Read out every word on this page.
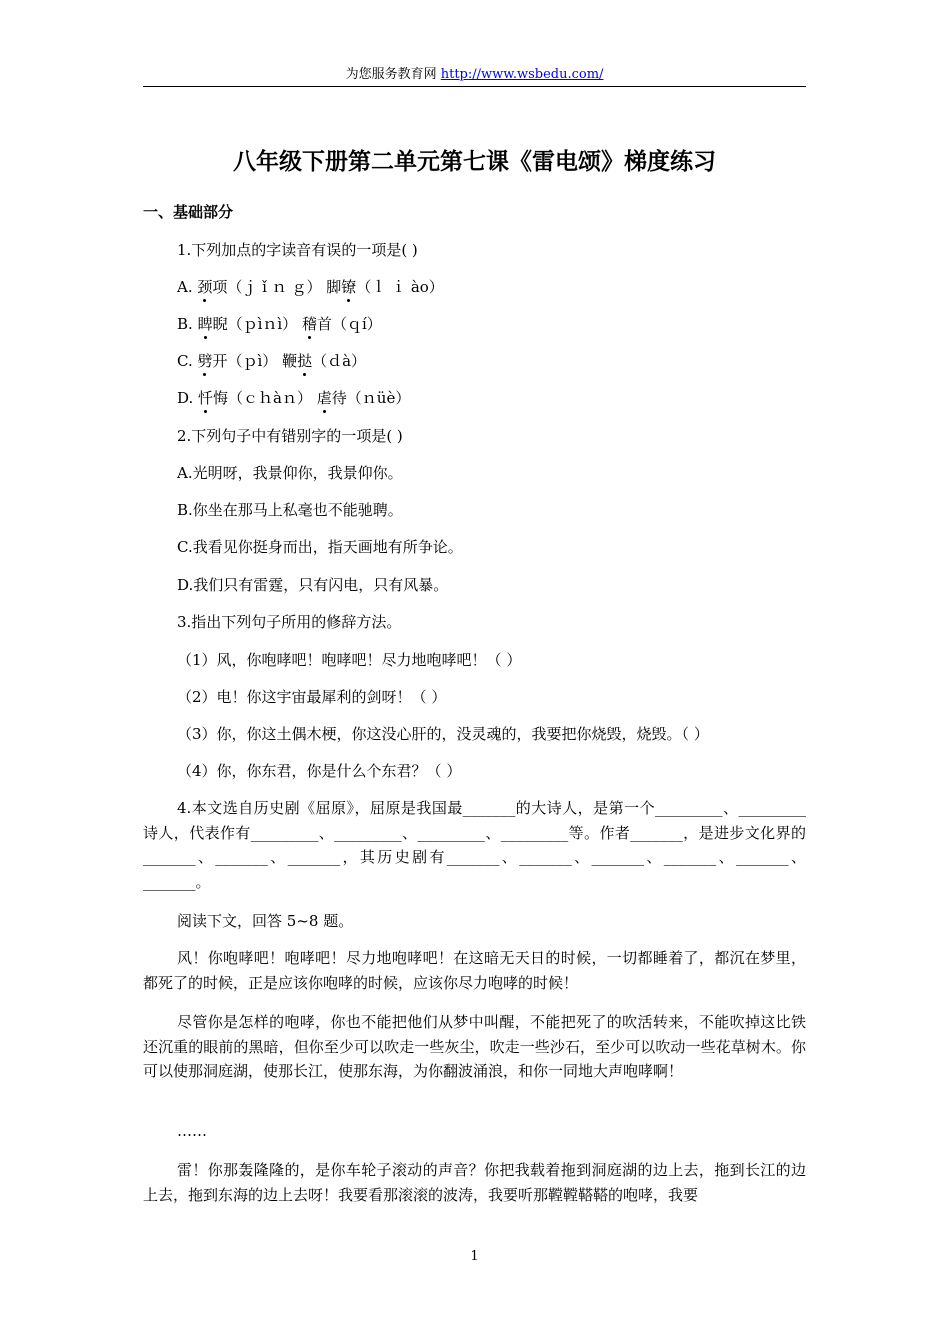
为您服务教育网 http://www.wsbedu.com/
八年级下册第二单元第七课《雷电颂》梯度练习
一、基础部分
1.下列加点的字读音有误的一项是( )
A. 颈项（ｊ ǐ ｎ ｇ） 脚镣（ｌ ｉ ào）
B. 睥睨（ｐìｎì） 稽首（ｑí）
C. 劈开（ｐì） 鞭挞（ｄà）
D. 忏悔（ｃｈàｎ） 虐待（ｎüè）
2.下列句子中有错别字的一项是( )
A.光明呀，我景仰你，我景仰你。
B.你坐在那马上私毫也不能驰聘。
C.我看见你挺身而出，指天画地有所争论。
D.我们只有雷霆，只有闪电，只有风暴。
3.指出下列句子所用的修辞方法。
（1）风，你咆哮吧！咆哮吧！尽力地咆哮吧！（ ）
（2）电！你这宇宙最犀利的剑呀！（ ）
（3）你，你这土偶木梗，你这没心肝的，没灵魂的，我要把你烧毁，烧毁。（ ）
（4）你，你东君，你是什么个东君？（ ）
4.本文选自历史剧《屈原》，屈原是我国最_______的大诗人，是第一个_________、_________诗人，代表作有_________、_________、_________、_________等。作者_______，是进步文化界的_______、_______、_______，其历史剧有_______、_______、_______、_______、_______、_______。
阅读下文，回答 5~8 题。
风！你咆哮吧！咆哮吧！尽力地咆哮吧！在这暗无天日的时候，一切都睡着了，都沉在梦里，都死了的时候，正是应该你咆哮的时候，应该你尽力咆哮的时候！
尽管你是怎样的咆哮，你也不能把他们从梦中叫醒，不能把死了的吹活转来，不能吹掉这比铁还沉重的眼前的黑暗，但你至少可以吹走一些灰尘，吹走一些沙石，至少可以吹动一些花草树木。你可以使那洞庭湖，使那长江，使那东海，为你翻波涌浪，和你一同地大声咆哮啊！
……
雷！你那轰隆隆的，是你车轮子滚动的声音？你把我载着拖到洞庭湖的边上去，拖到长江的边上去，拖到东海的边上去呀！我要看那滚滚的波涛，我要听那鞺鞺鞳鞳的咆哮，我要
1
